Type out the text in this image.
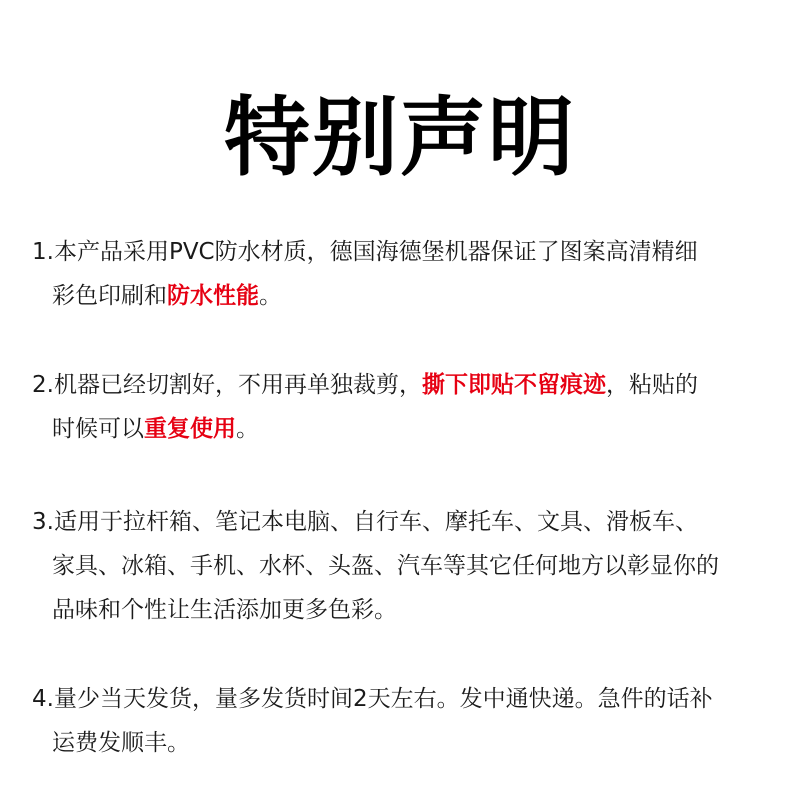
特别声明
1.本产品采用PVC防水材质，德国海德堡机器保证了图案高清精细
彩色印刷和防水性能。
2.机器已经切割好，不用再单独裁剪，撕下即贴不留痕迹，粘贴的
时候可以重复使用。
3.适用于拉杆箱、笔记本电脑、自行车、摩托车、文具、滑板车、
家具、冰箱、手机、水杯、头盔、汽车等其它任何地方以彰显你的
品味和个性让生活添加更多色彩。
4.量少当天发货，量多发货时间2天左右。发中通快递。急件的话补
运费发顺丰。
